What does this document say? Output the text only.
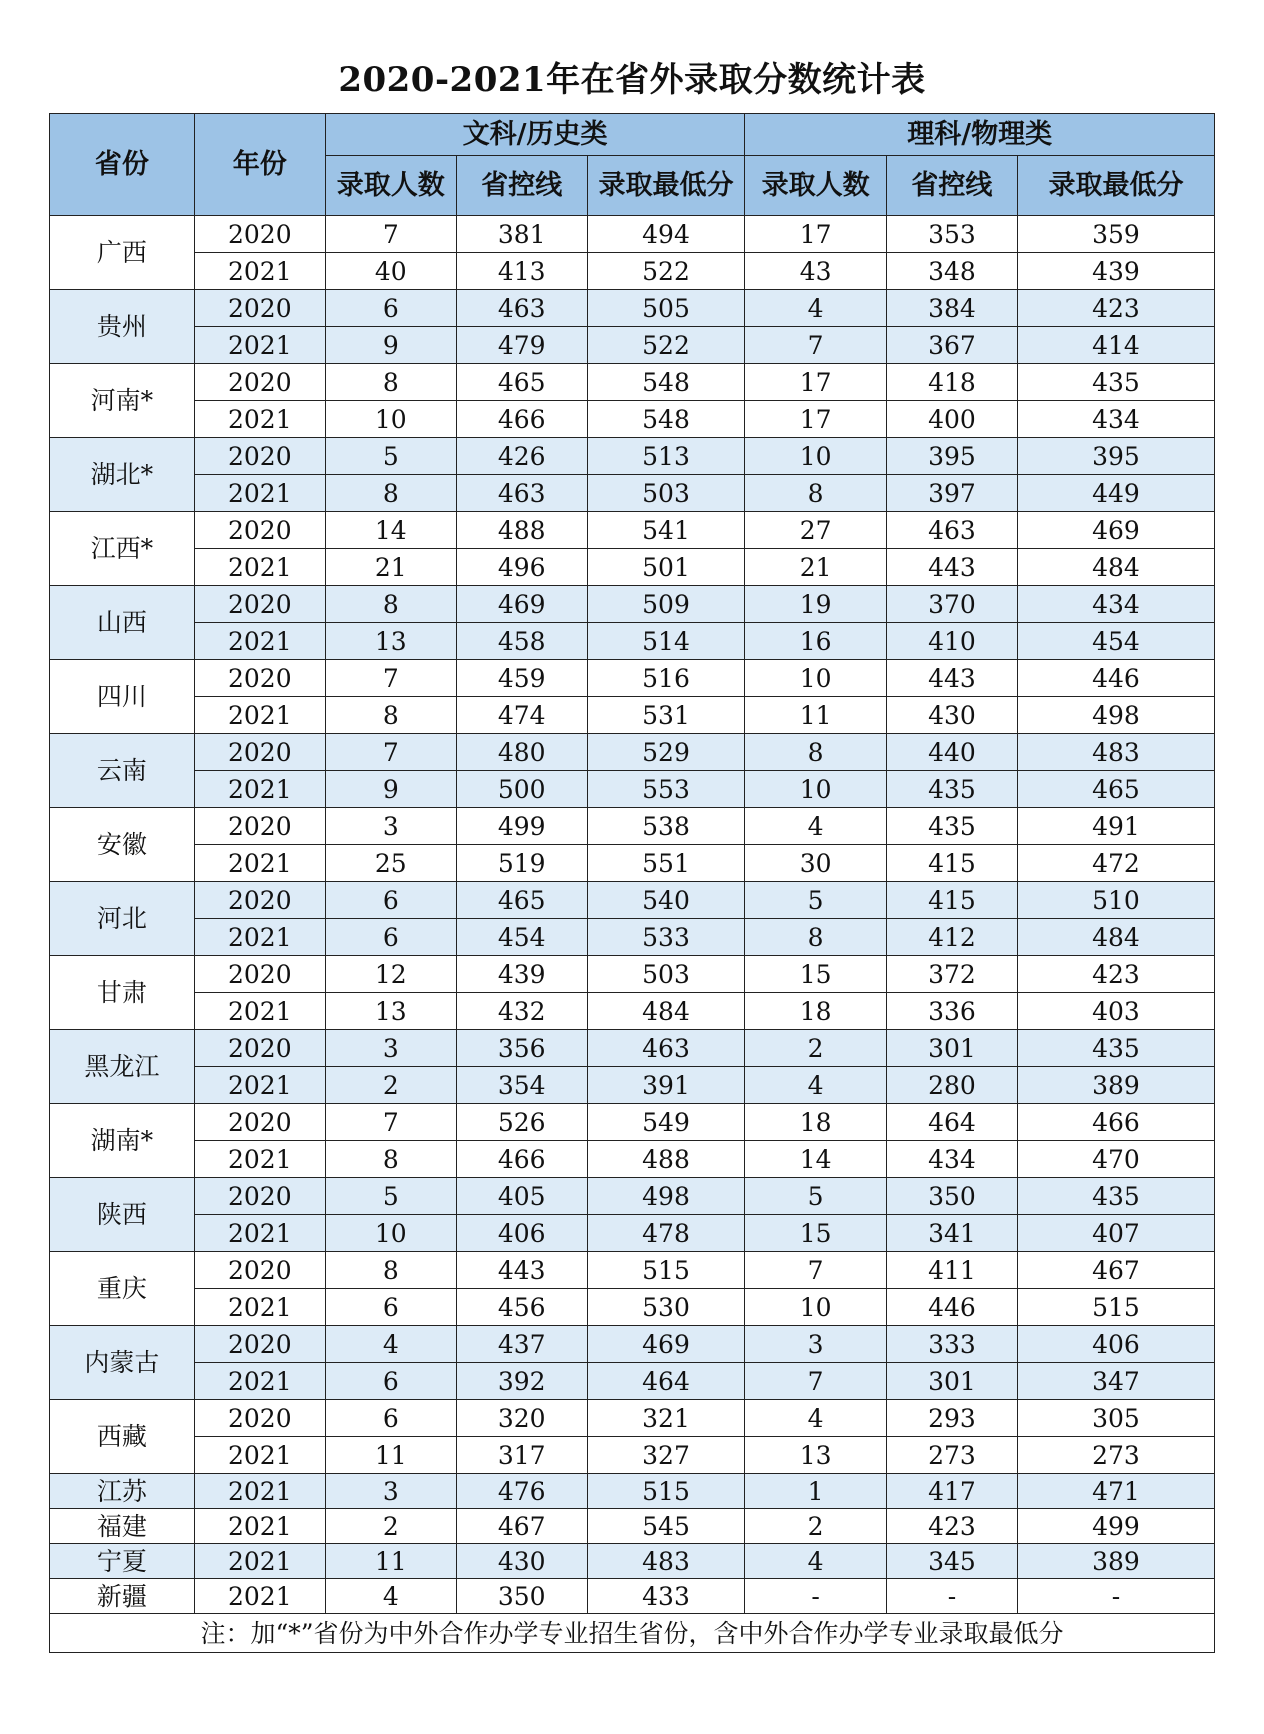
2020-2021年在省外录取分数统计表
省份	年份	文科/历史类			理科/物理类		
		录取人数	省控线	录取最低分	录取人数	省控线	录取最低分
广西	2020	7	381	494	17	353	359
	2021	40	413	522	43	348	439
贵州	2020	6	463	505	4	384	423
	2021	9	479	522	7	367	414
河南*	2020	8	465	548	17	418	435
	2021	10	466	548	17	400	434
湖北*	2020	5	426	513	10	395	395
	2021	8	463	503	8	397	449
江西*	2020	14	488	541	27	463	469
	2021	21	496	501	21	443	484
山西	2020	8	469	509	19	370	434
	2021	13	458	514	16	410	454
四川	2020	7	459	516	10	443	446
	2021	8	474	531	11	430	498
云南	2020	7	480	529	8	440	483
	2021	9	500	553	10	435	465
安徽	2020	3	499	538	4	435	491
	2021	25	519	551	30	415	472
河北	2020	6	465	540	5	415	510
	2021	6	454	533	8	412	484
甘肃	2020	12	439	503	15	372	423
	2021	13	432	484	18	336	403
黑龙江	2020	3	356	463	2	301	435
	2021	2	354	391	4	280	389
湖南*	2020	7	526	549	18	464	466
	2021	8	466	488	14	434	470
陕西	2020	5	405	498	5	350	435
	2021	10	406	478	15	341	407
重庆	2020	8	443	515	7	411	467
	2021	6	456	530	10	446	515
内蒙古	2020	4	437	469	3	333	406
	2021	6	392	464	7	301	347
西藏	2020	6	320	321	4	293	305
	2021	11	317	327	13	273	273
江苏	2021	3	476	515	1	417	471
福建	2021	2	467	545	2	423	499
宁夏	2021	11	430	483	4	345	389
新疆	2021	4	350	433	-	-	-
注：加“*”省份为中外合作办学专业招生省份，含中外合作办学专业录取最低分							
